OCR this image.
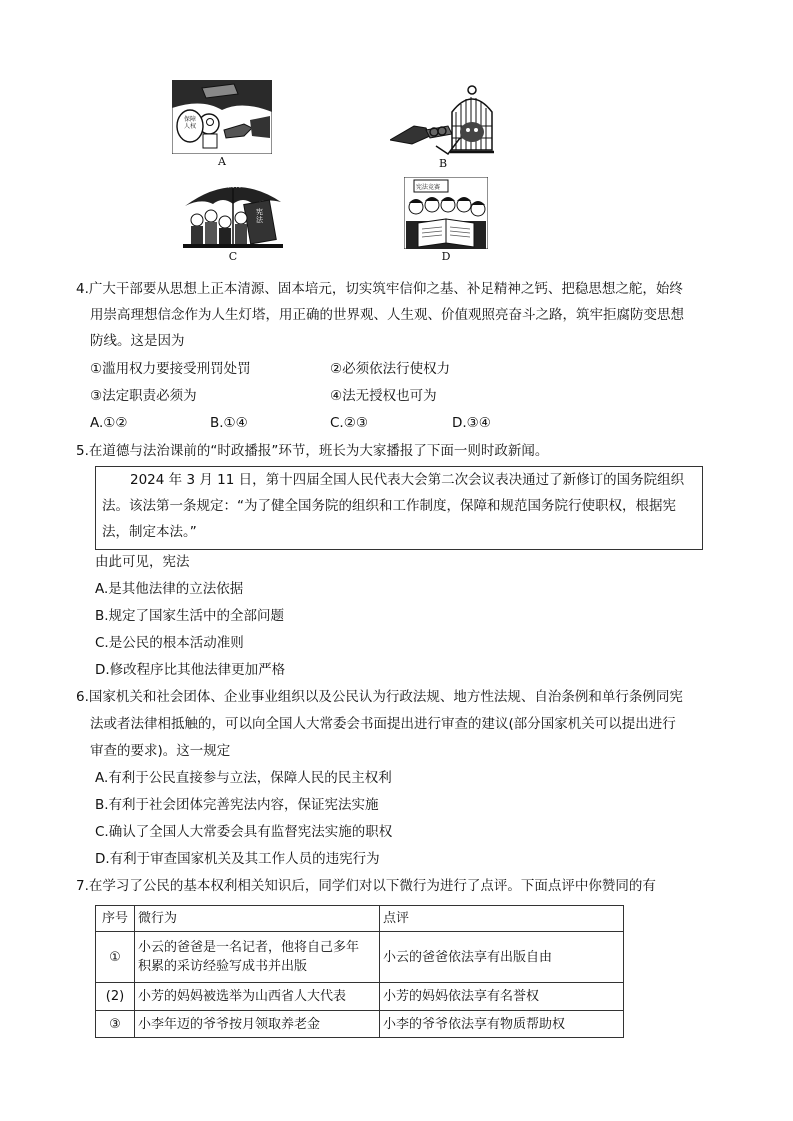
保障人权
A	B
公民基本权利
宪法
C
宪法竞赛
D
4.广大干部要从思想上正本清源、固本培元，切实筑牢信仰之基、补足精神之钙、把稳思想之舵，始终
用崇高理想信念作为人生灯塔，用正确的世界观、人生观、价值观照亮奋斗之路，筑牢拒腐防变思想
防线。这是因为
①滥用权力要接受刑罚处罚	②必须依法行使权力
③法定职责必须为	④法无授权也可为
A.①②	B.①④	C.②③	D.③④
5.在道德与法治课前的“时政播报”环节，班长为大家播报了下面一则时政新闻。
2024 年 3 月 11 日，第十四届全国人民代表大会第二次会议表决通过了新修订的国务院组织
法。该法第一条规定：“为了健全国务院的组织和工作制度，保障和规范国务院行使职权，根据宪
法，制定本法。”
由此可见，宪法
A.是其他法律的立法依据
B.规定了国家生活中的全部问题
C.是公民的根本活动准则
D.修改程序比其他法律更加严格
6.国家机关和社会团体、企业事业组织以及公民认为行政法规、地方性法规、自治条例和单行条例同宪
法或者法律相抵触的，可以向全国人大常委会书面提出进行审查的建议(部分国家机关可以提出进行
审查的要求)。这一规定
A.有利于公民直接参与立法，保障人民的民主权利
B.有利于社会团体完善宪法内容，保证宪法实施
C.确认了全国人大常委会具有监督宪法实施的职权
D.有利于审查国家机关及其工作人员的违宪行为
7.在学习了公民的基本权利相关知识后，同学们对以下微行为进行了点评。下面点评中你赞同的有
序号	微行为	点评
①	小云的爸爸是一名记者，他将自己多年
积累的采访经验写成书并出版	小云的爸爸依法享有出版自由
(2)	小芳的妈妈被选举为山西省人大代表	小芳的妈妈依法享有名誉权
③	小李年迈的爷爷按月领取养老金	小李的爷爷依法享有物质帮助权
